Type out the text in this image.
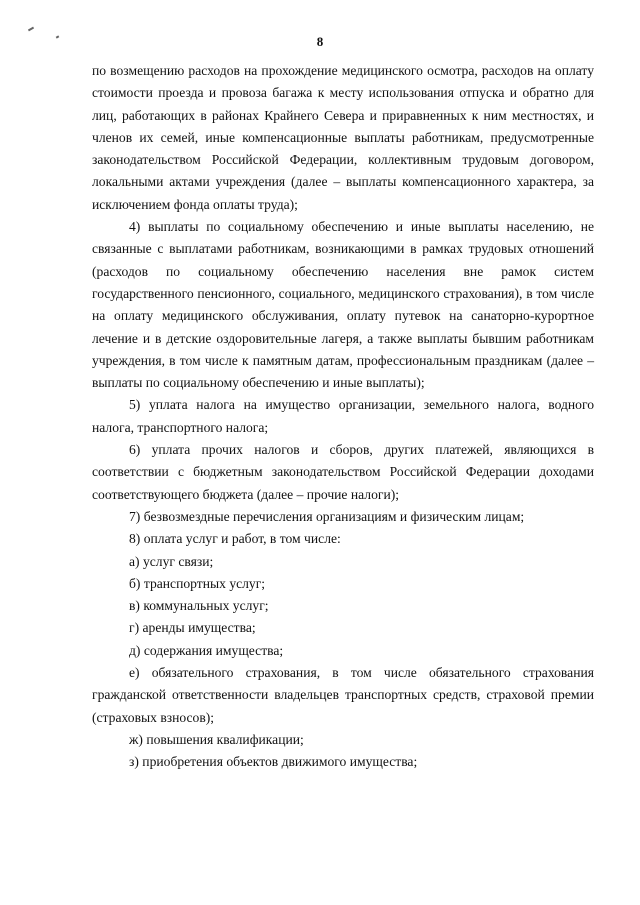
8

по возмещению расходов на прохождение медицинского осмотра, расходов на оплату стоимости проезда и провоза багажа к месту использования отпуска и обратно для лиц, работающих в районах Крайнего Севера и приравненных к ним местностях, и членов их семей, иные компенсационные выплаты работникам, предусмотренные законодательством Российской Федерации, коллективным трудовым договором, локальными актами учреждения (далее – выплаты компенсационного характера, за исключением фонда оплаты труда);

4) выплаты по социальному обеспечению и иные выплаты населению, не связанные с выплатами работникам, возникающими в рамках трудовых отношений (расходов по социальному обеспечению населения вне рамок систем государственного пенсионного, социального, медицинского страхования), в том числе на оплату медицинского обслуживания, оплату путевок на санаторно-курортное лечение и в детские оздоровительные лагеря, а также выплаты бывшим работникам учреждения, в том числе к памятным датам, профессиональным праздникам (далее – выплаты по социальному обеспечению и иные выплаты);

5) уплата налога на имущество организации, земельного налога, водного налога, транспортного налога;

6) уплата прочих налогов и сборов, других платежей, являющихся в соответствии с бюджетным законодательством Российской Федерации доходами соответствующего бюджета (далее – прочие налоги);

7) безвозмездные перечисления организациям и физическим лицам;

8) оплата услуг и работ, в том числе:

а) услуг связи;

б) транспортных услуг;

в) коммунальных услуг;

г) аренды имущества;

д) содержания имущества;

е) обязательного страхования, в том числе обязательного страхования гражданской ответственности владельцев транспортных средств, страховой премии (страховых взносов);

ж) повышения квалификации;

з) приобретения объектов движимого имущества;
